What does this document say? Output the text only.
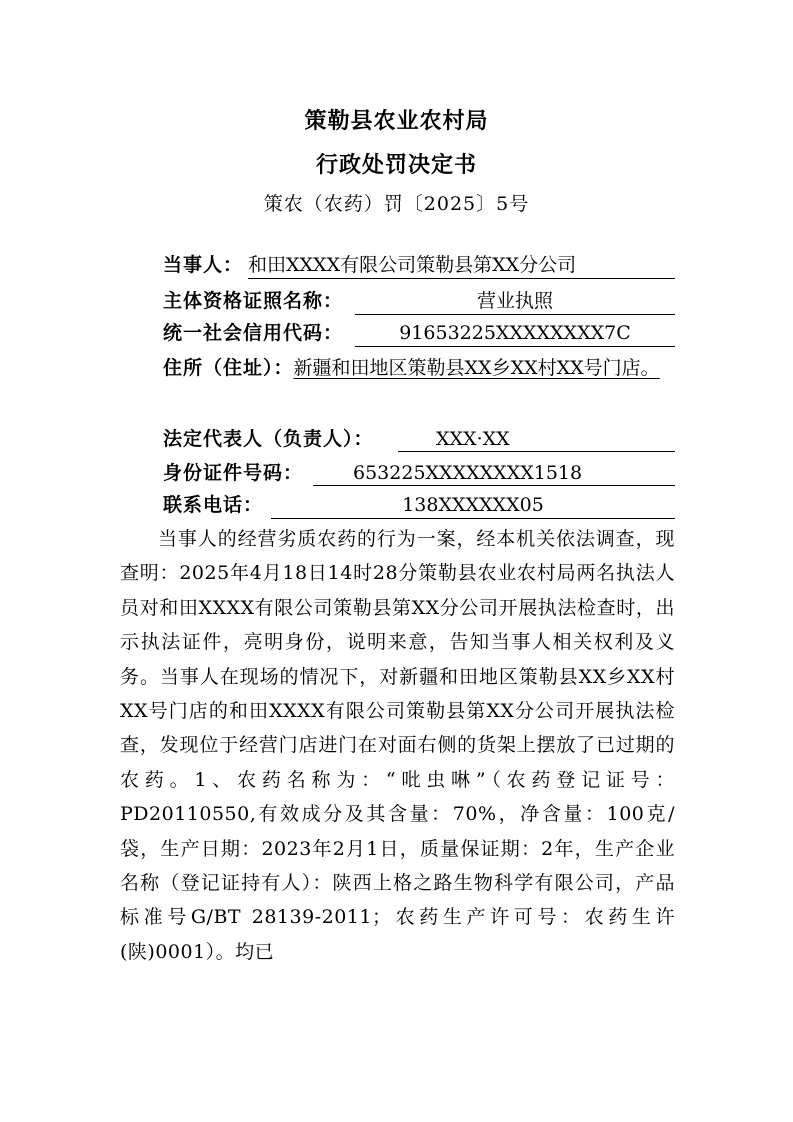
策勒县农业农村局
行政处罚决定书
策农（农药）罚〔2025〕5号
当事人： 和田XXXX有限公司策勒县第XX分公司
主体资格证照名称：	营业执照
统一社会信用代码：	91653225XXXXXXXX7C
住所（住址）：新疆和田地区策勒县XX乡XX村XX号门店。
法定代表人（负责人）：	XXX·XX
身份证件号码：	653225XXXXXXXX1518
联系电话：	138XXXXXX05
当事人的经营劣质农药的行为一案，经本机关依法调查，现查明：2025年4月18日14时28分策勒县农业农村局两名执法人员对和田XXXX有限公司策勒县第XX分公司开展执法检查时，出示执法证件，亮明身份，说明来意，告知当事人相关权利及义务。当事人在现场的情况下，对新疆和田地区策勒县XX乡XX村XX号门店的和田XXXX有限公司策勒县第XX分公司开展执法检查，发现位于经营门店进门在对面右侧的货架上摆放了已过期的农药。1、农药名称为：“吡虫啉”（农药登记证号：PD20110550,有效成分及其含量：70%，净含量：100克/袋，生产日期：2023年2月1日，质量保证期：2年，生产企业名称（登记证持有人）：陕西上格之路生物科学有限公司，产品标准号G/BT 28139-2011；农药生产许可号：农药生许(陕)0001）。均已
